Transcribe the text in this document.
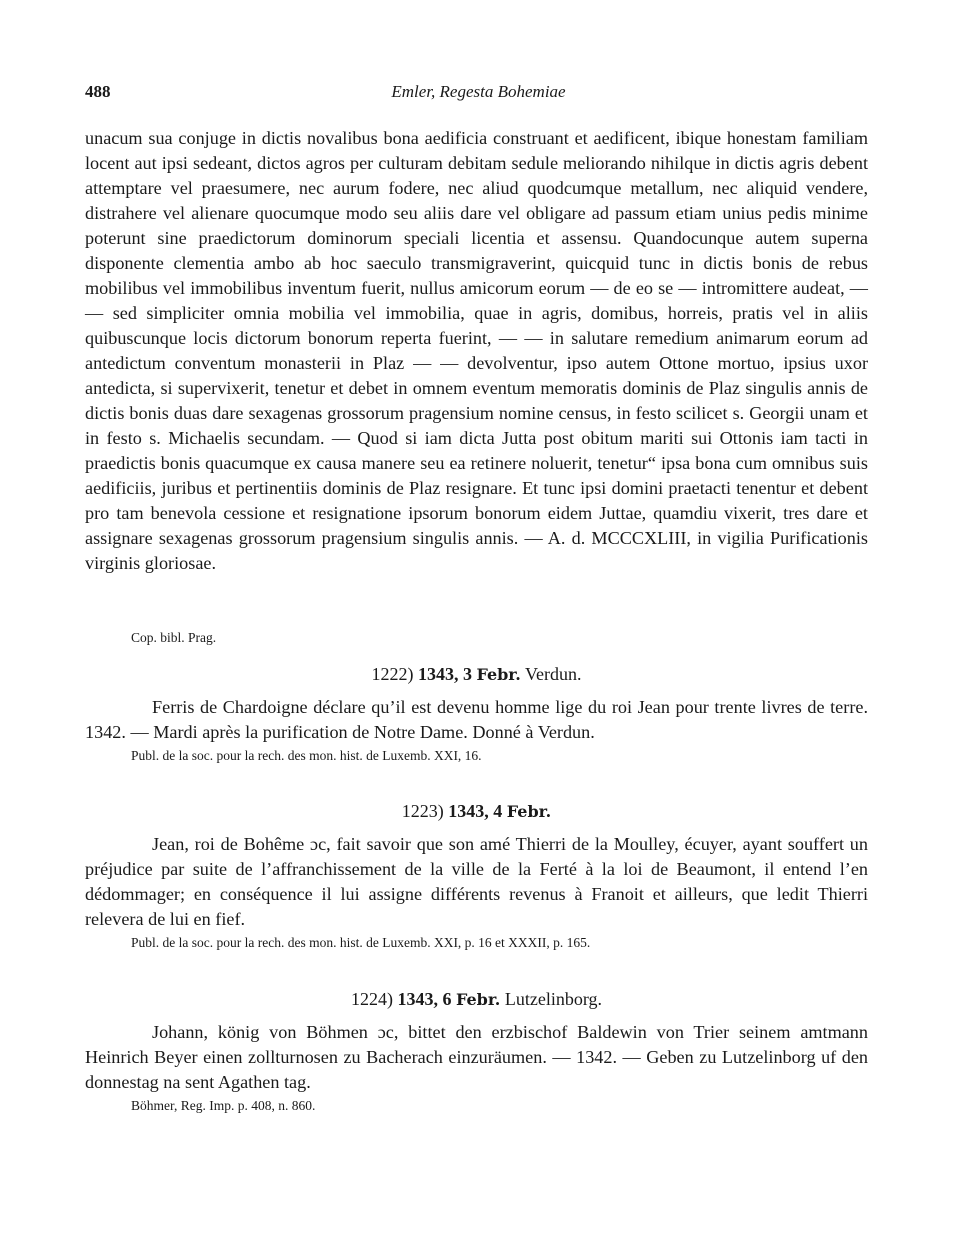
488	Emler, Regesta Bohemiae

unacum sua conjuge in dictis novalibus bona aedificia construant et aedificent, ibique honestam familiam locent aut ipsi sedeant, dictos agros per culturam debitam sedule meliorando nihilque in dictis agris debent attemptare vel praesumere, nec aurum fodere, nec aliud quodcumque metallum, nec aliquid vendere, distrahere vel alienare quocumque modo seu aliis dare vel obligare ad passum etiam unius pedis minime poterunt sine praedictorum dominorum speciali licentia et assensu. Quandocunque autem superna disponente clementia ambo ab hoc saeculo transmigraverint, quicquid tunc in dictis bonis de rebus mobilibus vel immobilibus inventum fuerit, nullus amicorum eorum — de eo se — intromittere audeat, — — sed simpliciter omnia mobilia vel immobilia, quae in agris, domibus, horreis, pratis vel in aliis quibuscunque locis dictorum bonorum reperta fuerint, — — in salutare remedium animarum eorum ad antedictum conventum monasterii in Plaz — — devolventur, ipso autem Ottone mortuo, ipsius uxor antedicta, si supervixerit, tenetur et debet in omnem eventum memoratis dominis de Plaz singulis annis de dictis bonis duas dare sexagenas grossorum pragensium nomine census, in festo scilicet s. Georgii unam et in festo s. Michaelis secundam. — Quod si iam dicta Jutta post obitum mariti sui Ottonis iam tacti in praedictis bonis quacumque ex causa manere seu ea retinere noluerit, tenetur“ ipsa bona cum omnibus suis aedificiis, juribus et pertinentiis dominis de Plaz resignare. Et tunc ipsi domini praetacti tenentur et debent pro tam benevola cessione et resignatione ipsorum bonorum eidem Juttae, quamdiu vixerit, tres dare et assignare sexagenas grossorum pragensium singulis annis. — A. d. MCCCXLIII, in vigilia Purificationis virginis gloriosae.

Cop. bibl. Prag.

1222) 1343, 3 Febr. Verdun.

Ferris de Chardoigne déclare qu’il est devenu homme lige du roi Jean pour trente livres de terre. 1342. — Mardi après la purification de Notre Dame. Donné à Verdun.

Publ. de la soc. pour la rech. des mon. hist. de Luxemb. XXI, 16.

1223) 1343, 4 Febr.

Jean, roi de Bohême ɔc, fait savoir que son amé Thierri de la Moulley, écuyer, ayant souffert un préjudice par suite de l’affranchissement de la ville de la Ferté à la loi de Beaumont, il entend l’en dédommager; en conséquence il lui assigne différents revenus à Franoit et ailleurs, que ledit Thierri relevera de lui en fief.

Publ. de la soc. pour la rech. des mon. hist. de Luxemb. XXI, p. 16 et XXXII, p. 165.

1224) 1343, 6 Febr. Lutzelinborg.

Johann, könig von Böhmen ɔc, bittet den erzbischof Baldewin von Trier seinem amtmann Heinrich Beyer einen zollturnosen zu Bacherach einzuräumen. — 1342. — Geben zu Lutzelinborg uf den donnestag na sent Agathen tag.

Böhmer, Reg. Imp. p. 408, n. 860.
